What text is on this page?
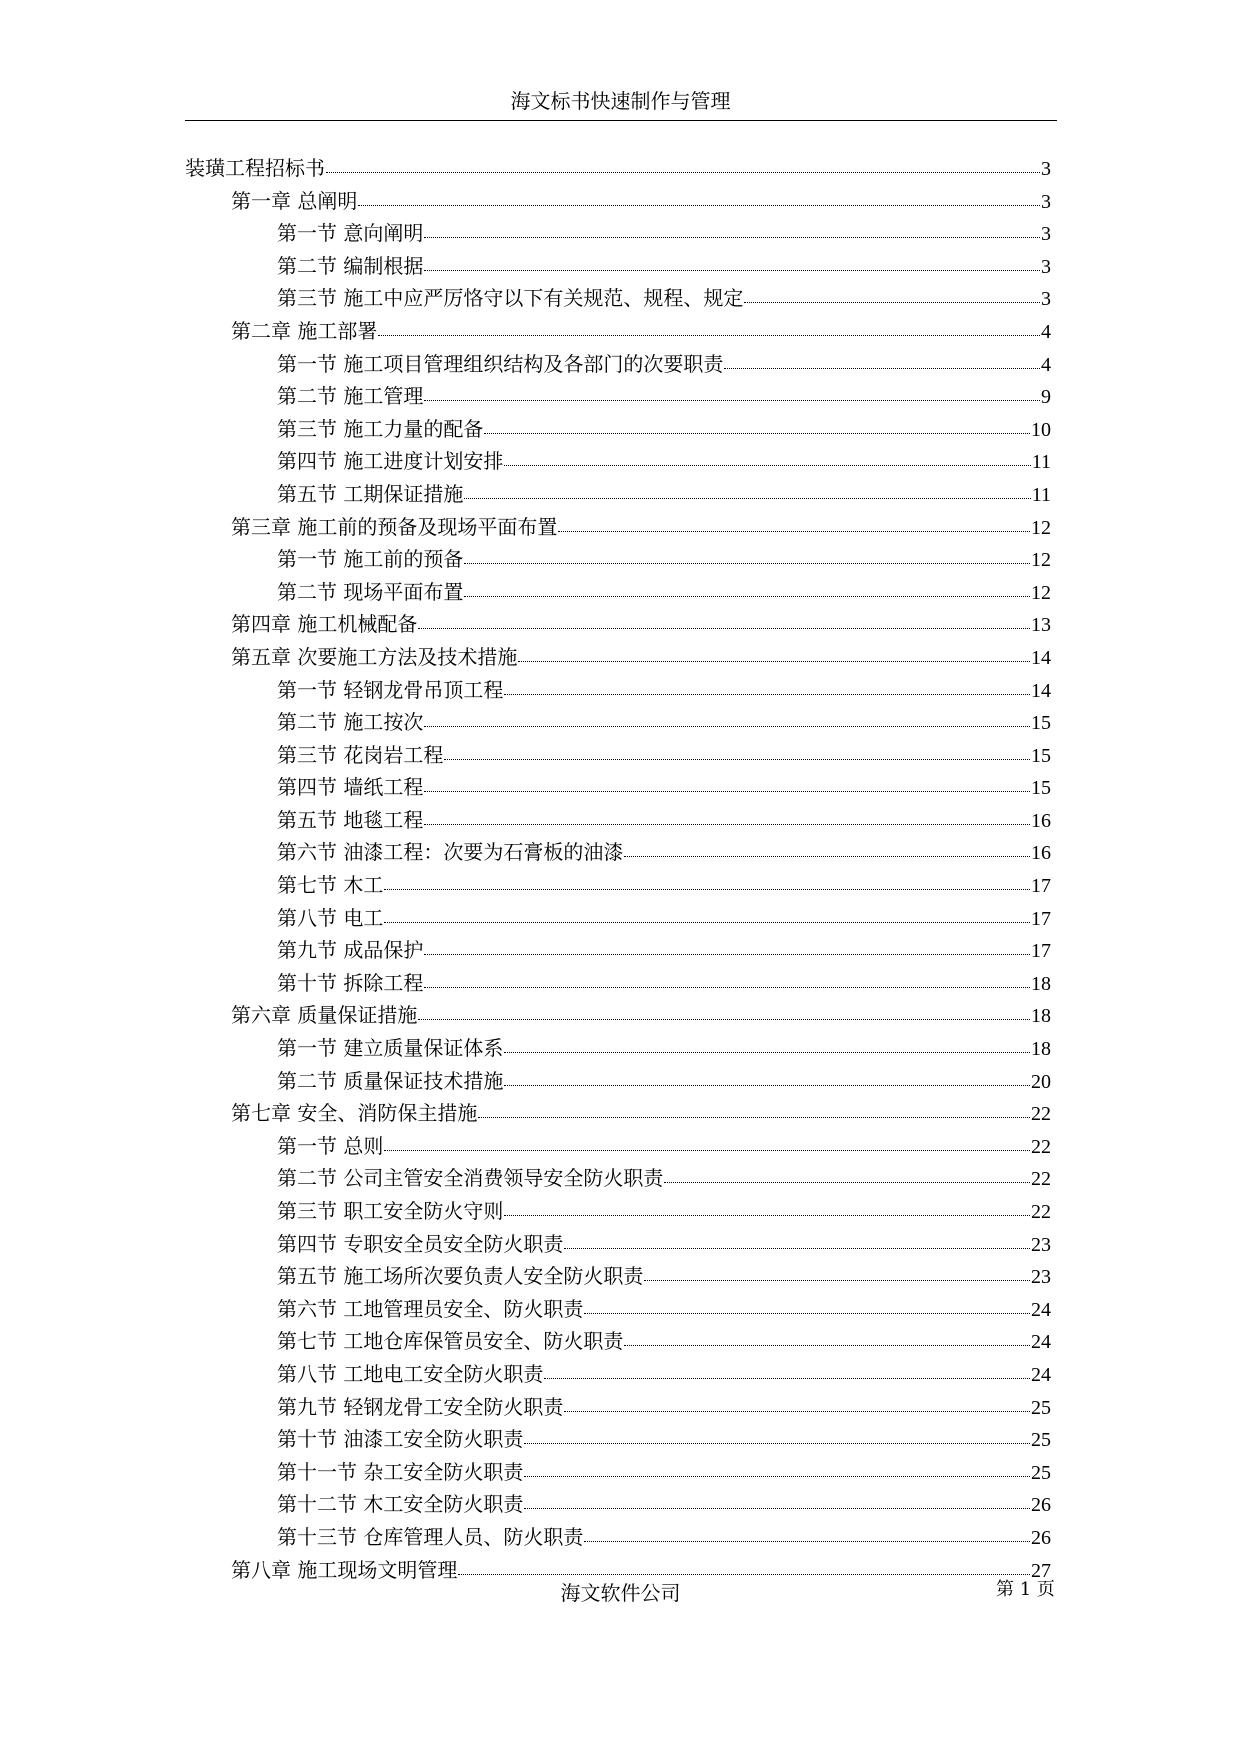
海文标书快速制作与管理
装璜工程招标书	3
第一章 总阐明	3
第一节 意向阐明	3
第二节 编制根据	3
第三节 施工中应严厉恪守以下有关规范、规程、规定	3
第二章 施工部署	4
第一节 施工项目管理组织结构及各部门的次要职责	4
第二节 施工管理	9
第三节 施工力量的配备	10
第四节 施工进度计划安排	11
第五节 工期保证措施	11
第三章 施工前的预备及现场平面布置	12
第一节 施工前的预备	12
第二节 现场平面布置	12
第四章 施工机械配备	13
第五章 次要施工方法及技术措施	14
第一节 轻钢龙骨吊顶工程	14
第二节 施工按次	15
第三节 花岗岩工程	15
第四节 墙纸工程	15
第五节 地毯工程	16
第六节 油漆工程：次要为石膏板的油漆	16
第七节 木工	17
第八节 电工	17
第九节 成品保护	17
第十节 拆除工程	18
第六章 质量保证措施	18
第一节 建立质量保证体系	18
第二节 质量保证技术措施	20
第七章 安全、消防保主措施	22
第一节 总则	22
第二节 公司主管安全消费领导安全防火职责	22
第三节 职工安全防火守则	22
第四节 专职安全员安全防火职责	23
第五节 施工场所次要负责人安全防火职责	23
第六节 工地管理员安全、防火职责	24
第七节 工地仓库保管员安全、防火职责	24
第八节 工地电工安全防火职责	24
第九节 轻钢龙骨工安全防火职责	25
第十节 油漆工安全防火职责	25
第十一节 杂工安全防火职责	25
第十二节 木工安全防火职责	26
第十三节 仓库管理人员、防火职责	26
第八章 施工现场文明管理	27
海文软件公司	第 1 页
